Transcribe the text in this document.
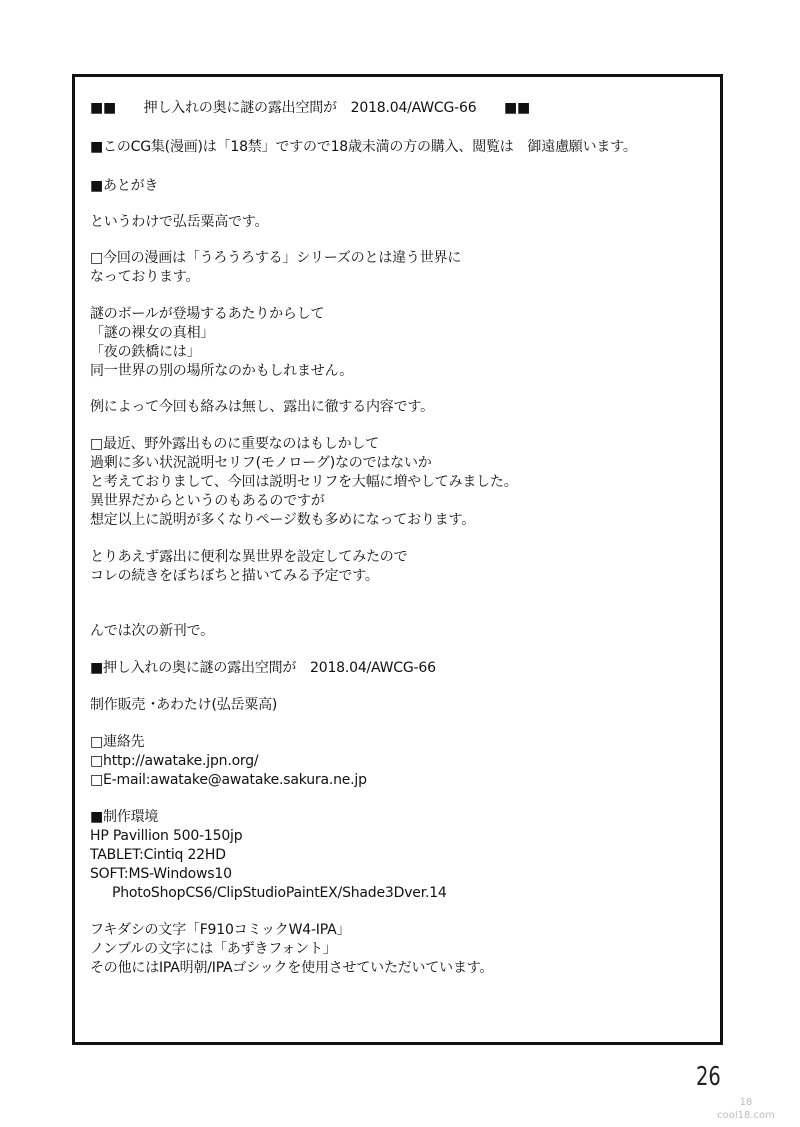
■■　　押し入れの奥に謎の露出空間が　2018.04/AWCG-66　　■■
■このCG集(漫画)は「18禁」ですので18歳未満の方の購入、閲覧は　御遠慮願います。
■あとがき
というわけで弘岳粟高です。
□今回の漫画は「うろうろする」シリーズのとは違う世界に
なっております。
謎のボールが登場するあたりからして
「謎の裸女の真相」
「夜の鉄橋には」
同一世界の別の場所なのかもしれません。
例によって今回も絡みは無し、露出に徹する内容です。
□最近、野外露出ものに重要なのはもしかして
過剰に多い状況説明セリフ(モノローグ)なのではないか
と考えておりまして、今回は説明セリフを大幅に増やしてみました。
異世界だからというのもあるのですが
想定以上に説明が多くなりページ数も多めになっております。
とりあえず露出に便利な異世界を設定してみたので
コレの続きをぼちぼちと描いてみる予定です。
んでは次の新刊で。
■押し入れの奥に謎の露出空間が　2018.04/AWCG-66
制作販売 ･あわたけ(弘岳粟高)
□連絡先
□http://awatake.jpn.org/
□E-mail:awatake@awatake.sakura.ne.jp
■制作環境
HP Pavillion 500-150jp
TABLET:Cintiq 22HD
SOFT:MS-Windows10
PhotoShopCS6/ClipStudioPaintEX/Shade3Dver.14
フキダシの文字「F910コミックW4-IPA」
ノンブルの文字には「あずきフォント」
その他にはIPA明朝/IPAゴシックを使用させていただいています。
26
18
cool18.com
